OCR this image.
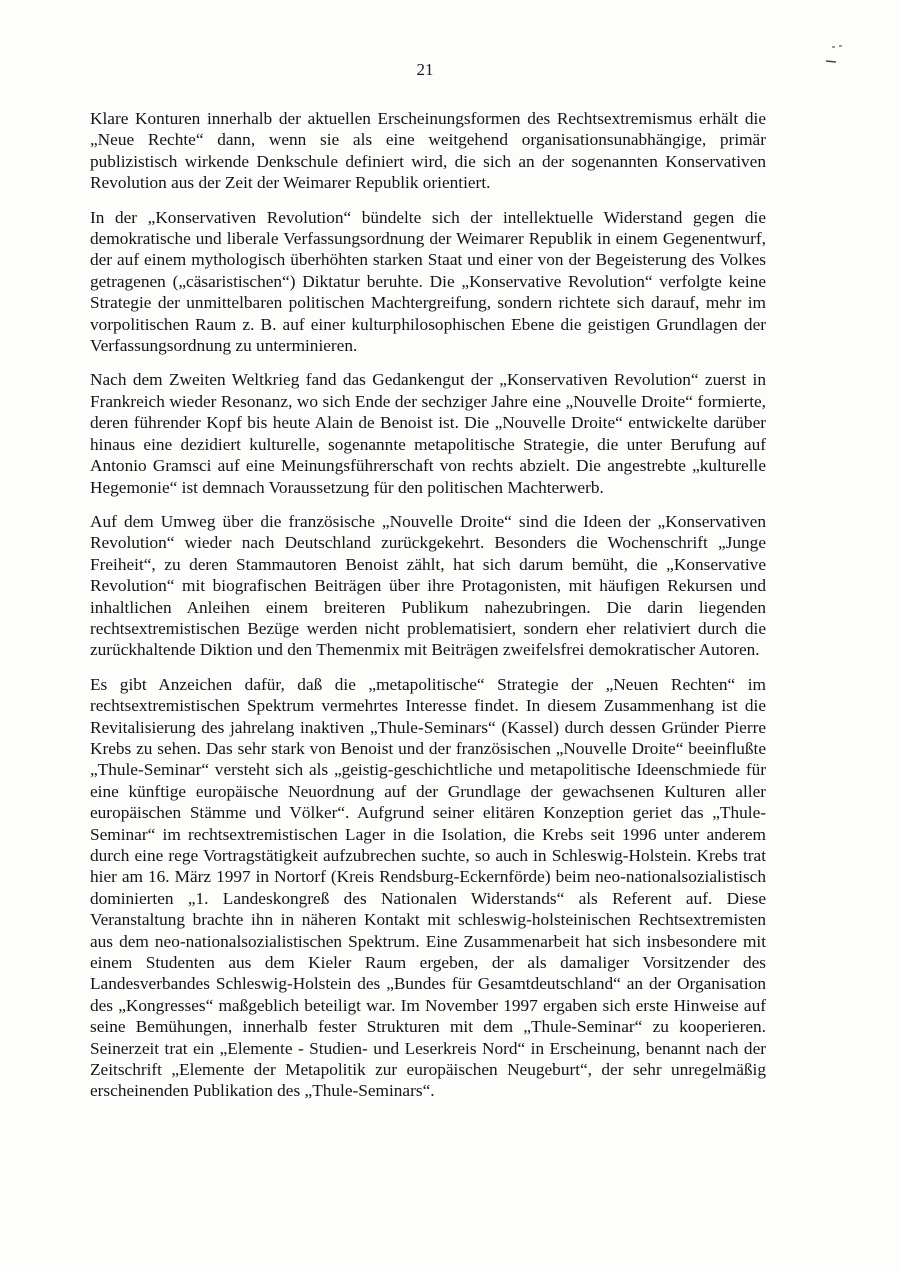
21

Klare Konturen innerhalb der aktuellen Erscheinungsformen des Rechtsextremismus erhält die „Neue Rechte“ dann, wenn sie als eine weitgehend organisationsunabhängige, primär publizistisch wirkende Denkschule definiert wird, die sich an der sogenannten Konservativen Revolution aus der Zeit der Weimarer Republik orientiert.

In der „Konservativen Revolution“ bündelte sich der intellektuelle Widerstand gegen die demokratische und liberale Verfassungsordnung der Weimarer Republik in einem Gegenentwurf, der auf einem mythologisch überhöhten starken Staat und einer von der Begeisterung des Volkes getragenen („cäsaristischen“) Diktatur beruhte. Die „Konservative Revolution“ verfolgte keine Strategie der unmittelbaren politischen Machtergreifung, sondern richtete sich darauf, mehr im vorpolitischen Raum z. B. auf einer kulturphilosophischen Ebene die geistigen Grundlagen der Verfassungsordnung zu unterminieren.

Nach dem Zweiten Weltkrieg fand das Gedankengut der „Konservativen Revolution“ zuerst in Frankreich wieder Resonanz, wo sich Ende der sechziger Jahre eine „Nouvelle Droite“ formierte, deren führender Kopf bis heute Alain de Benoist ist. Die „Nouvelle Droite“ entwickelte darüber hinaus eine dezidiert kulturelle, sogenannte metapolitische Strategie, die unter Berufung auf Antonio Gramsci auf eine Meinungsführerschaft von rechts abzielt. Die angestrebte „kulturelle Hegemonie“ ist demnach Voraussetzung für den politischen Machterwerb.

Auf dem Umweg über die französische „Nouvelle Droite“ sind die Ideen der „Konservativen Revolution“ wieder nach Deutschland zurückgekehrt. Besonders die Wochenschrift „Junge Freiheit“, zu deren Stammautoren Benoist zählt, hat sich darum bemüht, die „Konservative Revolution“ mit biografischen Beiträgen über ihre Protagonisten, mit häufigen Rekursen und inhaltlichen Anleihen einem breiteren Publikum nahezubringen. Die darin liegenden rechtsextremistischen Bezüge werden nicht problematisiert, sondern eher relativiert durch die zurückhaltende Diktion und den Themenmix mit Beiträgen zweifelsfrei demokratischer Autoren.

Es gibt Anzeichen dafür, daß die „metapolitische“ Strategie der „Neuen Rechten“ im rechtsextremistischen Spektrum vermehrtes Interesse findet. In diesem Zusammenhang ist die Revitalisierung des jahrelang inaktiven „Thule-Seminars“ (Kassel) durch dessen Gründer Pierre Krebs zu sehen. Das sehr stark von Benoist und der französischen „Nouvelle Droite“ beeinflußte „Thule-Seminar“ versteht sich als „geistig-geschichtliche und metapolitische Ideenschmiede für eine künftige europäische Neuordnung auf der Grundlage der gewachsenen Kulturen aller europäischen Stämme und Völker“. Aufgrund seiner elitären Konzeption geriet das „Thule-Seminar“ im rechtsextremistischen Lager in die Isolation, die Krebs seit 1996 unter anderem durch eine rege Vortragstätigkeit aufzubrechen suchte, so auch in Schleswig-Holstein. Krebs trat hier am 16. März 1997 in Nortorf (Kreis Rendsburg-Eckernförde) beim neo-nationalsozialistisch dominierten „1. Landeskongreß des Nationalen Widerstands“ als Referent auf. Diese Veranstaltung brachte ihn in näheren Kontakt mit schleswig-holsteinischen Rechtsextremisten aus dem neo-nationalsozialistischen Spektrum. Eine Zusammenarbeit hat sich insbesondere mit einem Studenten aus dem Kieler Raum ergeben, der als damaliger Vorsitzender des Landesverbandes Schleswig-Holstein des „Bundes für Gesamtdeutschland“ an der Organisation des „Kongresses“ maßgeblich beteiligt war. Im November 1997 ergaben sich erste Hinweise auf seine Bemühungen, innerhalb fester Strukturen mit dem „Thule-Seminar“ zu kooperieren. Seinerzeit trat ein „Elemente - Studien- und Leserkreis Nord“ in Erscheinung, benannt nach der Zeitschrift „Elemente der Metapolitik zur europäischen Neugeburt“, der sehr unregelmäßig erscheinenden Publikation des „Thule-Seminars“.
